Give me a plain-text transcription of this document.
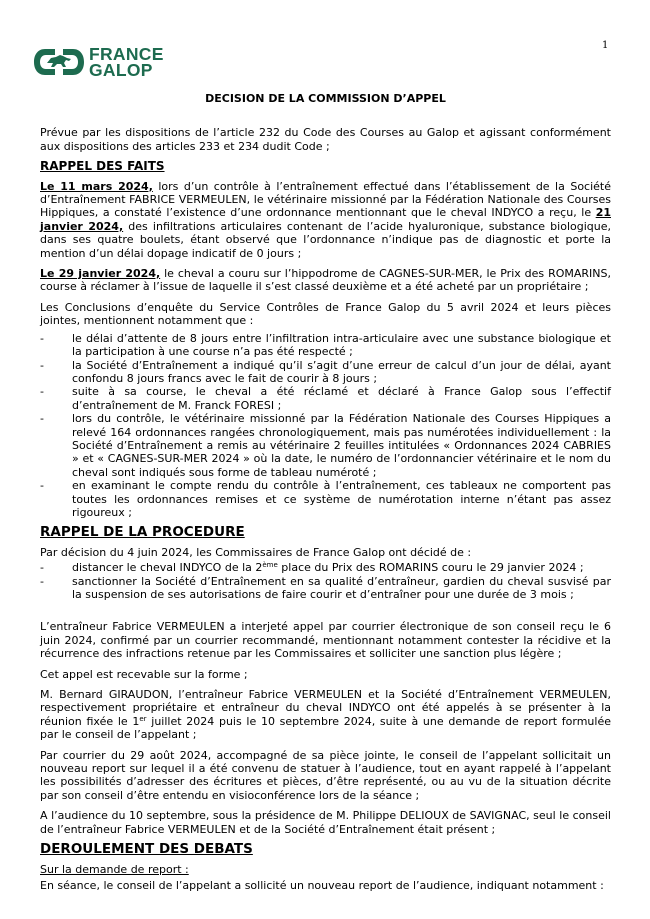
1
FRANCE
GALOP
DECISION DE LA COMMISSION D’APPEL

Prévue par les dispositions de l’article 232 du Code des Courses au Galop et agissant conformément aux dispositions des articles 233 et 234 dudit Code ;

RAPPEL DES FAITS

Le 11 mars 2024, lors d’un contrôle à l’entraînement effectué dans l’établissement de la Société d’Entraînement FABRICE VERMEULEN, le vétérinaire missionné par la Fédération Nationale des Courses Hippiques, a constaté l’existence d’une ordonnance mentionnant que le cheval INDYCO a reçu, le 21 janvier 2024, des infiltrations articulaires contenant de l’acide hyaluronique, substance biologique, dans ses quatre boulets, étant observé que l’ordonnance n’indique pas de diagnostic et porte la mention d’un délai dopage indicatif de 0 jours ;

Le 29 janvier 2024, le cheval a couru sur l’hippodrome de CAGNES-SUR-MER, le Prix des ROMARINS, course à réclamer à l’issue de laquelle il s’est classé deuxième et a été acheté par un propriétaire ;

Les Conclusions d’enquête du Service Contrôles de France Galop du 5 avril 2024 et leurs pièces jointes, mentionnent notamment que :

- le délai d’attente de 8 jours entre l’infiltration intra-articulaire avec une substance biologique et la participation à une course n’a pas été respecté ;
- la Société d’Entraînement a indiqué qu’il s’agit d’une erreur de calcul d’un jour de délai, ayant confondu 8 jours francs avec le fait de courir à 8 jours ;
- suite à sa course, le cheval a été réclamé et déclaré à France Galop sous l’effectif d’entraînement de M. Franck FORESI ;
- lors du contrôle, le vétérinaire missionné par la Fédération Nationale des Courses Hippiques a relevé 164 ordonnances rangées chronologiquement, mais pas numérotées individuellement : la Société d’Entraînement a remis au vétérinaire 2 feuilles intitulées « Ordonnances 2024 CABRIES » et « CAGNES-SUR-MER 2024 » où la date, le numéro de l’ordonnancier vétérinaire et le nom du cheval sont indiqués sous forme de tableau numéroté ;
- en examinant le compte rendu du contrôle à l’entraînement, ces tableaux ne comportent pas toutes les ordonnances remises et ce système de numérotation interne n’étant pas assez rigoureux ;
RAPPEL DE LA PROCEDURE

Par décision du 4 juin 2024, les Commissaires de France Galop ont décidé de :

- distancer le cheval INDYCO de la 2ème place du Prix des ROMARINS couru le 29 janvier 2024 ;
- sanctionner la Société d’Entraînement en sa qualité d’entraîneur, gardien du cheval susvisé par la suspension de ses autorisations de faire courir et d’entraîner pour une durée de 3 mois ;

L’entraîneur Fabrice VERMEULEN a interjeté appel par courrier électronique de son conseil reçu le 6 juin 2024, confirmé par un courrier recommandé, mentionnant notamment contester la récidive et la récurrence des infractions retenue par les Commissaires et solliciter une sanction plus légère ;

Cet appel est recevable sur la forme ;

M. Bernard GIRAUDON, l’entraîneur Fabrice VERMEULEN et la Société d’Entraînement VERMEULEN, respectivement propriétaire et entraîneur du cheval INDYCO ont été appelés à se présenter à la réunion fixée le 1er juillet 2024 puis le 10 septembre 2024, suite à une demande de report formulée par le conseil de l’appelant ;

Par courrier du 29 août 2024, accompagné de sa pièce jointe, le conseil de l’appelant sollicitait un nouveau report sur lequel il a été convenu de statuer à l’audience, tout en ayant rappelé à l’appelant les possibilités d’adresser des écritures et pièces, d’être représenté, ou au vu de la situation décrite par son conseil d’être entendu en visioconférence lors de la séance ;

A l’audience du 10 septembre, sous la présidence de M. Philippe DELIOUX de SAVIGNAC, seul le conseil de l’entraîneur Fabrice VERMEULEN et de la Société d’Entraînement était présent ;

DEROULEMENT DES DEBATS
Sur la demande de report :

En séance, le conseil de l’appelant a sollicité un nouveau report de l’audience, indiquant notamment :
